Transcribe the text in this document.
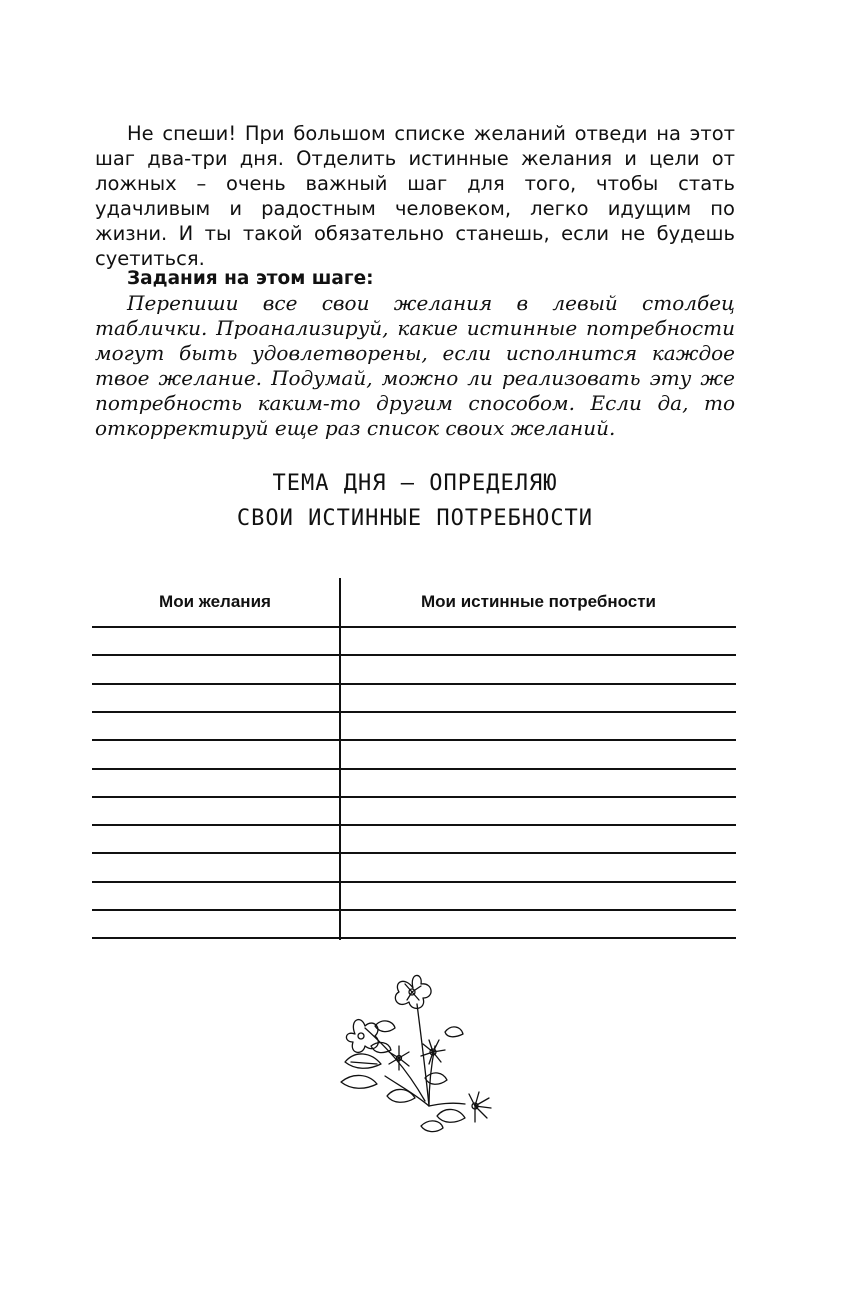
Не спеши! При большом списке желаний отведи на этот шаг два-три дня. Отделить истинные желания и цели от ложных – очень важный шаг для того, чтобы стать удачливым и радостным человеком, легко идущим по жизни. И ты такой обязательно станешь, если не будешь суетиться.

Задания на этом шаге:

Перепиши все свои желания в левый столбец таблички. Проанализируй, какие истинные потребности могут быть удовлетворены, если исполнится каждое твое желание. Подумай, можно ли реализовать эту же потребность каким-то другим способом. Если да, то откорректируй еще раз список своих желаний.

ТЕМА ДНЯ – ОПРЕДЕЛЯЮ
СВОИ ИСТИННЫЕ ПОТРЕБНОСТИ
Мои желания	Мои истинные потребности
